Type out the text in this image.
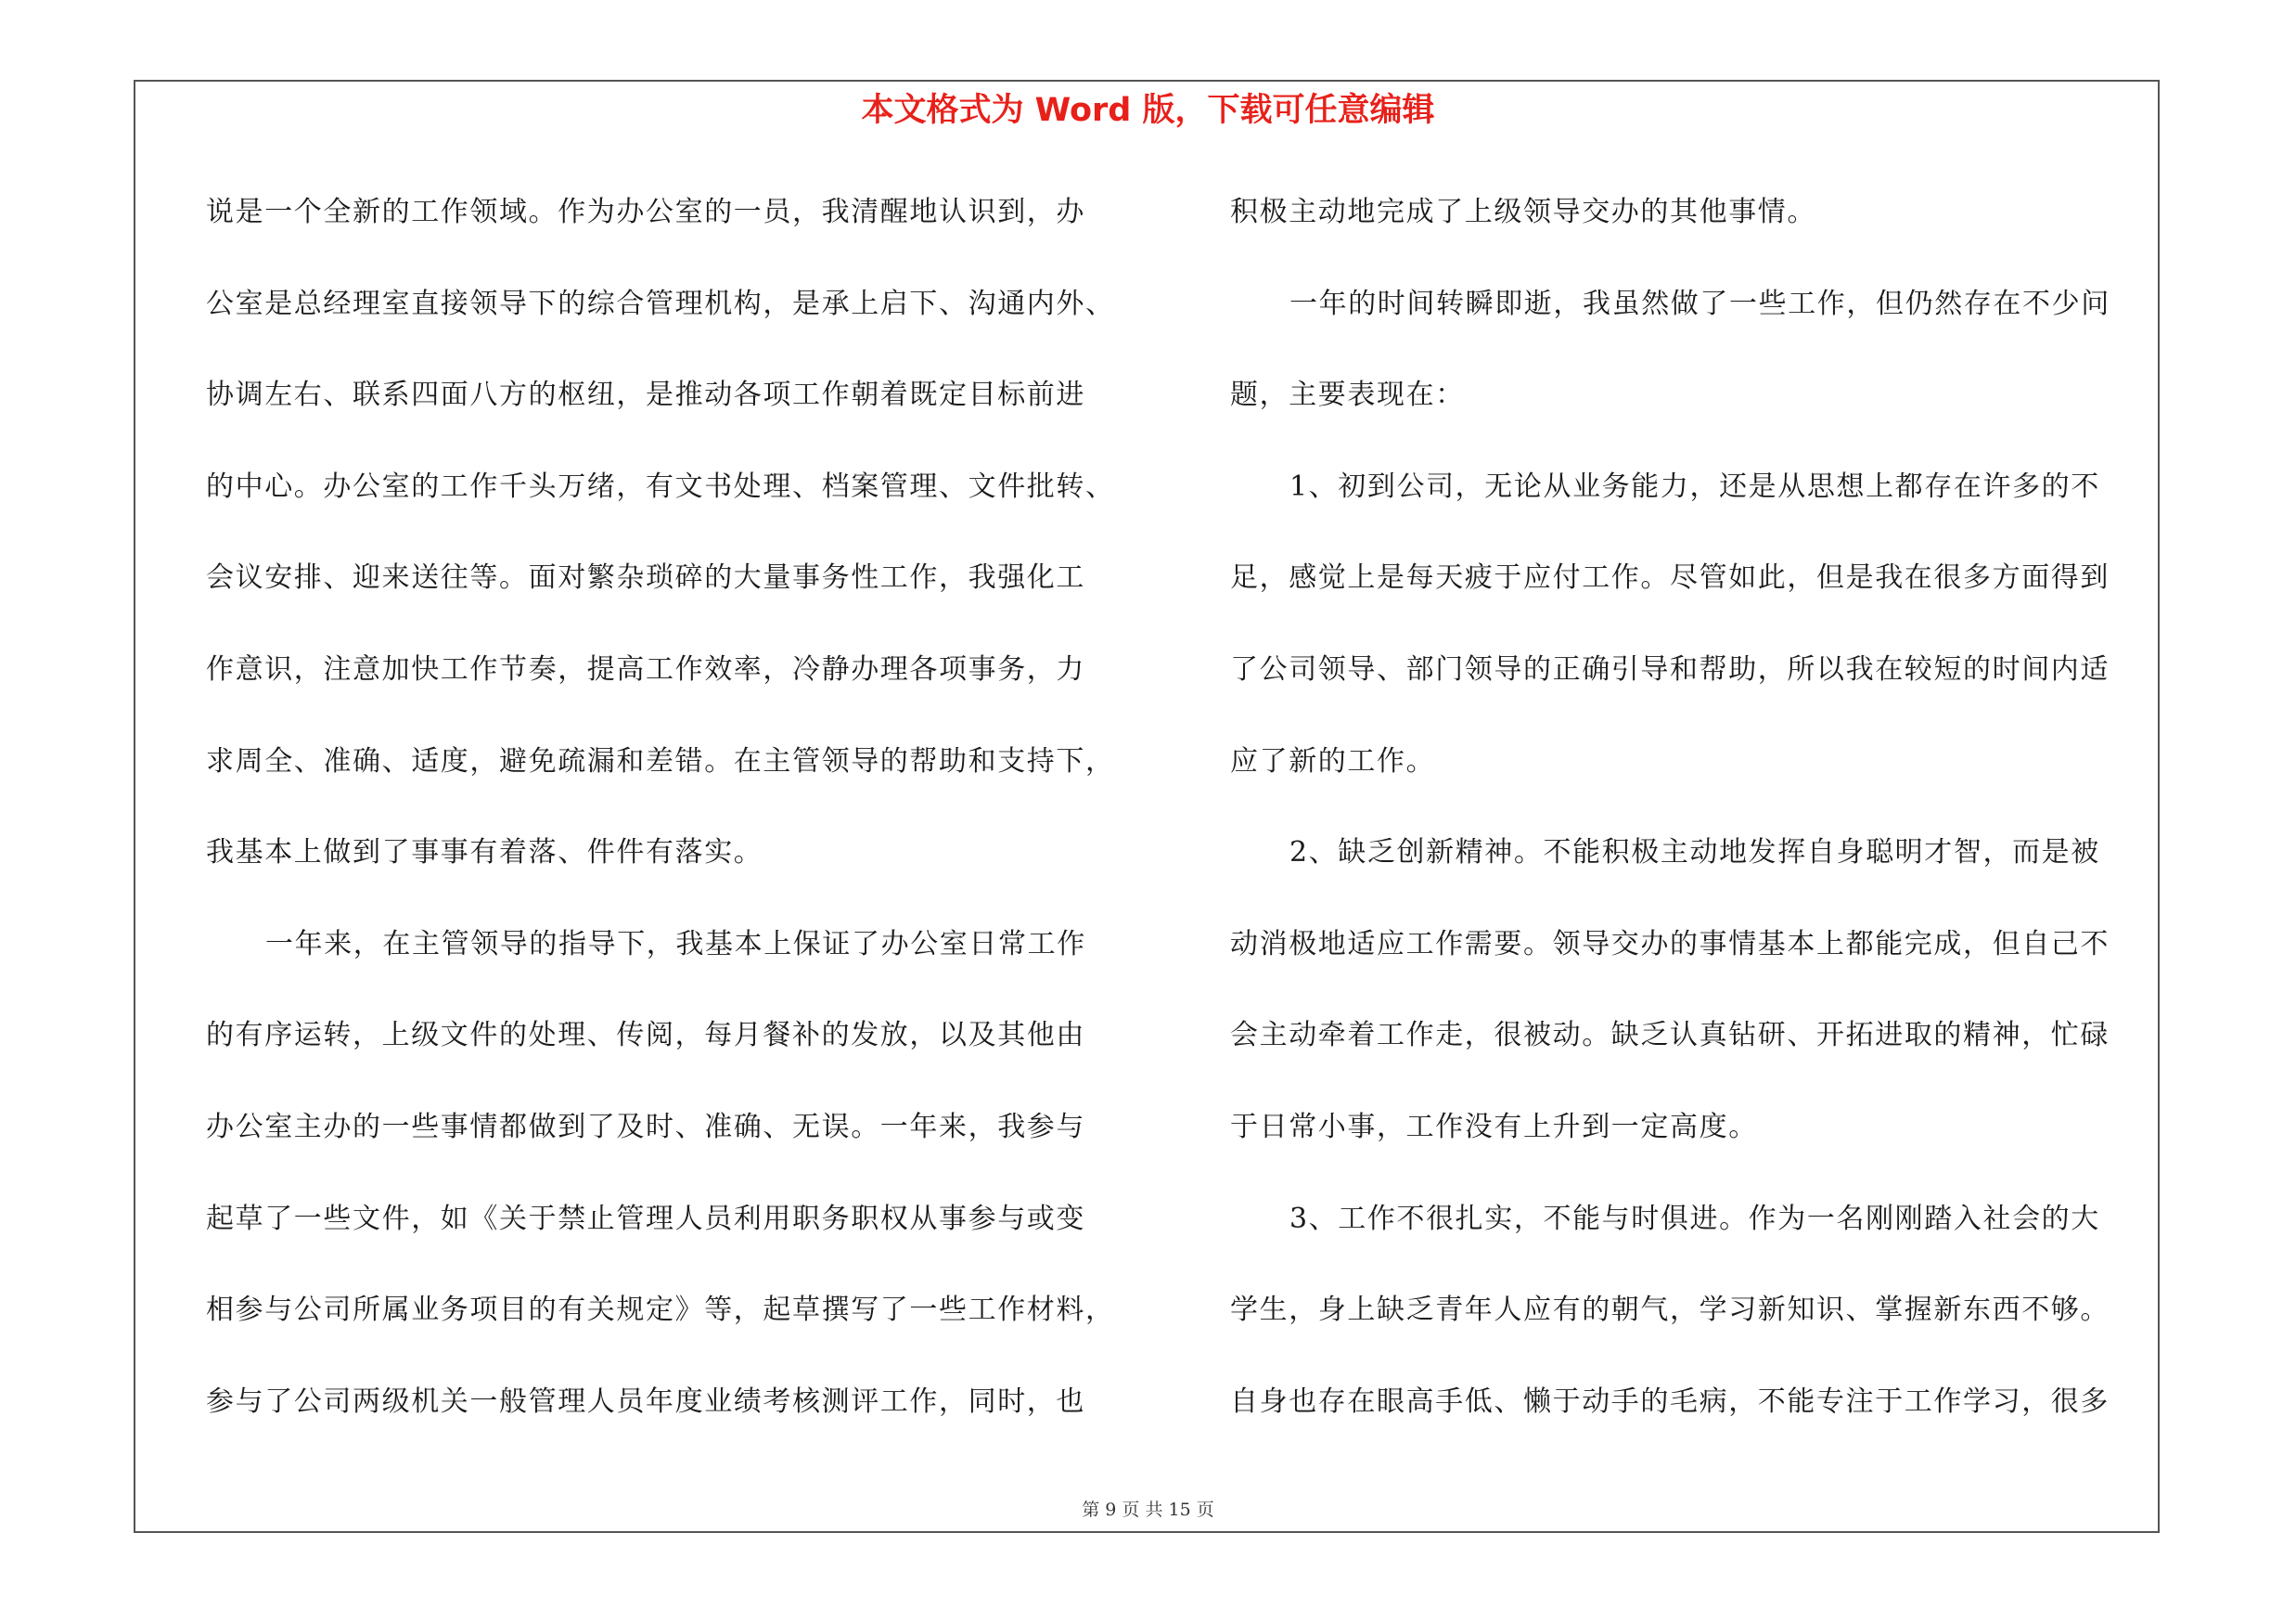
本文格式为 Word 版，下载可任意编辑

说是一个全新的工作领域。作为办公室的一员，我清醒地认识到，办

公室是总经理室直接领导下的综合管理机构，是承上启下、沟通内外、

协调左右、联系四面八方的枢纽，是推动各项工作朝着既定目标前进

的中心。办公室的工作千头万绪，有文书处理、档案管理、文件批转、

会议安排、迎来送往等。面对繁杂琐碎的大量事务性工作，我强化工

作意识，注意加快工作节奏，提高工作效率，冷静办理各项事务，力

求周全、准确、适度，避免疏漏和差错。在主管领导的帮助和支持下，

我基本上做到了事事有着落、件件有落实。

一年来，在主管领导的指导下，我基本上保证了办公室日常工作

的有序运转，上级文件的处理、传阅，每月餐补的发放，以及其他由

办公室主办的一些事情都做到了及时、准确、无误。一年来，我参与

起草了一些文件，如《关于禁止管理人员利用职务职权从事参与或变

相参与公司所属业务项目的有关规定》等，起草撰写了一些工作材料，

参与了公司两级机关一般管理人员年度业绩考核测评工作，同时，也

积极主动地完成了上级领导交办的其他事情。

一年的时间转瞬即逝，我虽然做了一些工作，但仍然存在不少问

题，主要表现在：

1、初到公司，无论从业务能力，还是从思想上都存在许多的不

足，感觉上是每天疲于应付工作。尽管如此，但是我在很多方面得到

了公司领导、部门领导的正确引导和帮助，所以我在较短的时间内适

应了新的工作。

2、缺乏创新精神。不能积极主动地发挥自身聪明才智，而是被

动消极地适应工作需要。领导交办的事情基本上都能完成，但自己不

会主动牵着工作走，很被动。缺乏认真钻研、开拓进取的精神，忙碌

于日常小事，工作没有上升到一定高度。

3、工作不很扎实，不能与时俱进。作为一名刚刚踏入社会的大

学生，身上缺乏青年人应有的朝气，学习新知识、掌握新东西不够。

自身也存在眼高手低、懒于动手的毛病，不能专注于工作学习，很多

第 9 页 共 15 页
